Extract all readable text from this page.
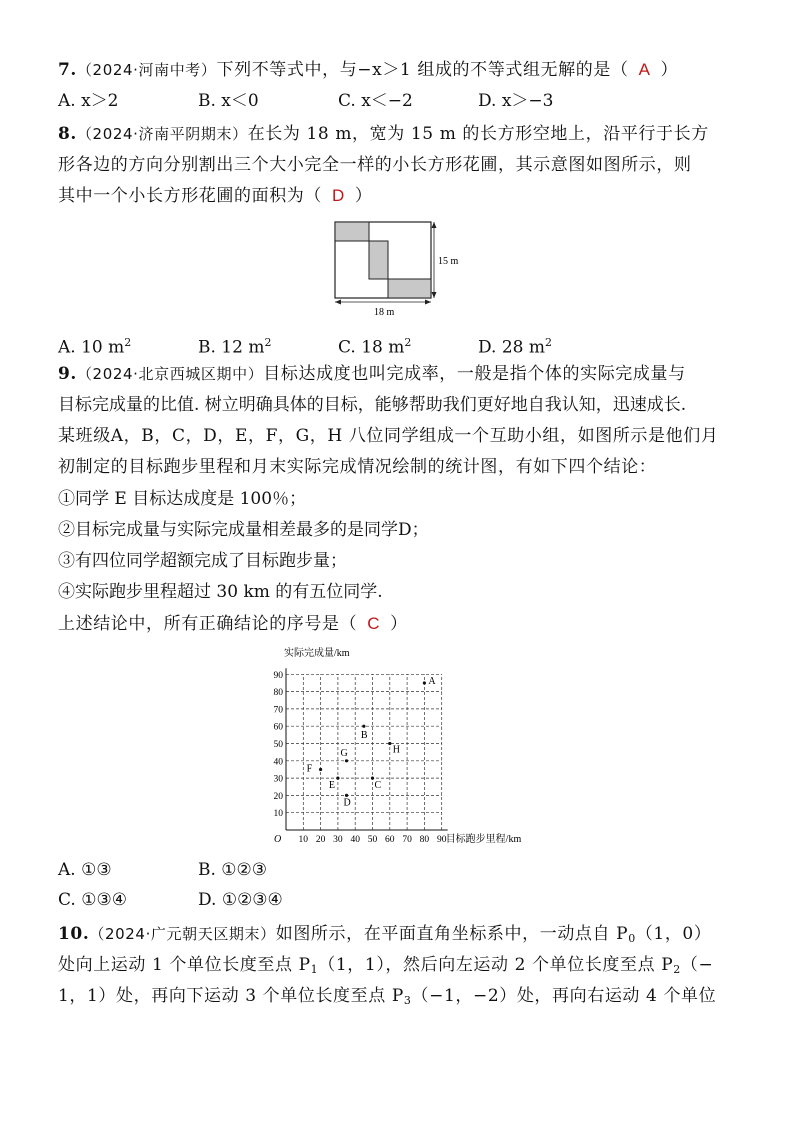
7.（2024·河南中考）下列不等式中，与−x＞1 组成的不等式组无解的是（ A ）
A. x＞2	B. x＜0	C. x＜−2	D. x＞−3
8.（2024·济南平阴期末）在长为 18 m，宽为 15 m 的长方形空地上，沿平行于长方
形各边的方向分别割出三个大小完全一样的小长方形花圃，其示意图如图所示，则
其中一个小长方形花圃的面积为（ D ）
15 m
18 m
A. 10 $m^2$	B. 12 $m^2$	C. 18 $m^2$	D. 28 $m^2$
9.（2024·北京西城区期中）目标达成度也叫完成率，一般是指个体的实际完成量与
目标完成量的比值. 树立明确具体的目标，能够帮助我们更好地自我认知，迅速成长.
某班级A，B，C，D，E，F，G，H 八位同学组成一个互助小组，如图所示是他们月
初制定的目标跑步里程和月末实际完成情况绘制的统计图，有如下四个结论：
①同学 E 目标达成度是 100％；
②目标完成量与实际完成量相差最多的是同学D；
③有四位同学超额完成了目标跑步量；
④实际跑步里程超过 30 km 的有五位同学.
上述结论中，所有正确结论的序号是（ C ）
10 20 30 40 50 60 70 80 90
10
20
30
40
50
60
70
80
90
A
B
C
D
E
F
G	H
实际完成量/km
目标跑步里程/km
O
A. ①③	B. ①②③
C. ①③④	D. ①②③④
10.（2024·广元朝天区期末）如图所示，在平面直角坐标系中，一动点自 $P_0(1$，0）
处向上运动 1 个单位长度至点 $P_1(1$，1），然后向左运动 2 个单位长度至点 $P_2(-$
1，1）处，再向下运动 3 个单位长度至点 $P_3(-1$，−2）处，再向右运动 4 个单位
